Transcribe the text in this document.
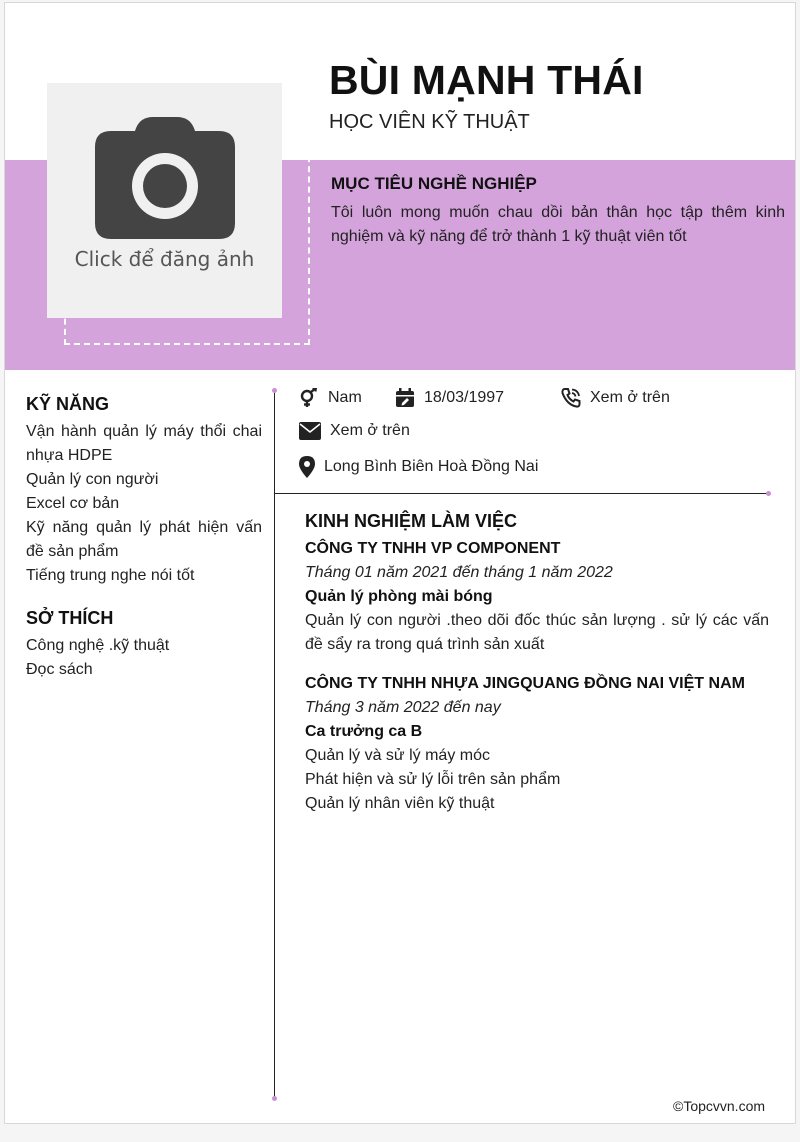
Click để đăng ảnh
BÙI MẠNH THÁI
HỌC VIÊN KỸ THUẬT
MỤC TIÊU NGHỀ NGHIỆP
Tôi luôn mong muốn chau dồi bản thân học tập thêm kinh nghiệm và kỹ năng để trở thành 1 kỹ thuật viên tốt
KỸ NĂNG
Vận hành quản lý máy thổi chai nhựa HDPE
Quản lý con người
Excel cơ bản
Kỹ năng quản lý phát hiện vấn đề sản phẩm
Tiếng trung nghe nói tốt
SỞ THÍCH
Công nghệ .kỹ thuật
Đọc sách
Nam	18/03/1997	Xem ở trên
Xem ở trên
Long Bình Biên Hoà Đồng Nai
KINH NGHIỆM LÀM VIỆC
CÔNG TY TNHH VP COMPONENT
Tháng 01 năm 2021 đến tháng 1 năm 2022
Quản lý phòng mài bóng
Quản lý con người .theo dõi đốc thúc sản lượng . sử lý các vấn đề sẩy ra trong quá trình sản xuất
CÔNG TY TNHH NHỰA JINGQUANG ĐỒNG NAI VIỆT NAM
Tháng 3 năm 2022 đến nay
Ca trưởng ca B
Quản lý và sử lý máy móc
Phát hiện và sử lý lỗi trên sản phẩm
Quản lý nhân viên kỹ thuật
©Topcvvn.com
